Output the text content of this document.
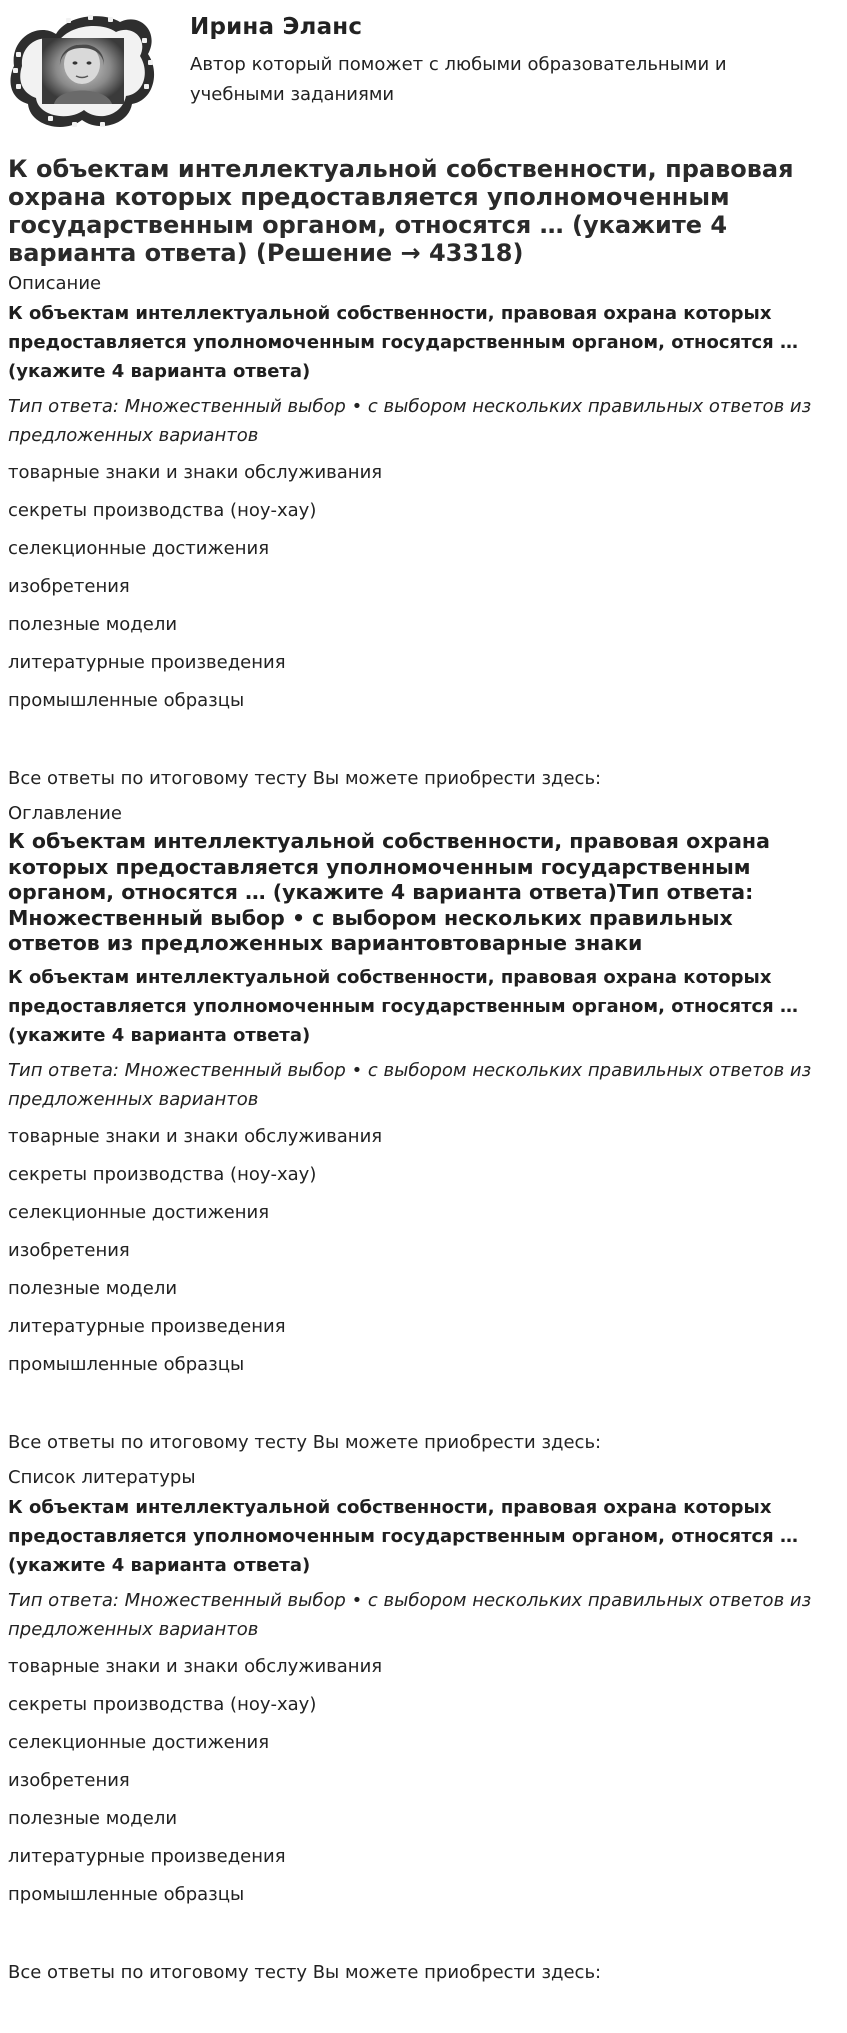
Ирина Эланс
Автор который поможет с любыми образовательными и учебными заданиями
К объектам интеллектуальной собственности, правовая охрана которых предоставляется уполномоченным государственным органом, относятся … (укажите 4 варианта ответа) (Решение → 43318)
Описание
К объектам интеллектуальной собственности, правовая охрана которых предоставляется уполномоченным государственным органом, относятся … (укажите 4 варианта ответа)
Тип ответа: Множественный выбор • с выбором нескольких правильных ответов из предложенных вариантов
товарные знаки и знаки обслуживания
секреты производства (ноу-хау)
селекционные достижения
изобретения
полезные модели
литературные произведения
промышленные образцы
Все ответы по итоговому тесту Вы можете приобрести здесь:
Оглавление
К объектам интеллектуальной собственности, правовая охрана которых предоставляется уполномоченным государственным органом, относятся … (укажите 4 варианта ответа)Тип ответа: Множественный выбор • с выбором нескольких правильных ответов из предложенных вариантовтоварные знаки
К объектам интеллектуальной собственности, правовая охрана которых предоставляется уполномоченным государственным органом, относятся … (укажите 4 варианта ответа)
Тип ответа: Множественный выбор • с выбором нескольких правильных ответов из предложенных вариантов
товарные знаки и знаки обслуживания
секреты производства (ноу-хау)
селекционные достижения
изобретения
полезные модели
литературные произведения
промышленные образцы
Все ответы по итоговому тесту Вы можете приобрести здесь:
Список литературы
К объектам интеллектуальной собственности, правовая охрана которых предоставляется уполномоченным государственным органом, относятся … (укажите 4 варианта ответа)
Тип ответа: Множественный выбор • с выбором нескольких правильных ответов из предложенных вариантов
товарные знаки и знаки обслуживания
секреты производства (ноу-хау)
селекционные достижения
изобретения
полезные модели
литературные произведения
промышленные образцы
Все ответы по итоговому тесту Вы можете приобрести здесь:
